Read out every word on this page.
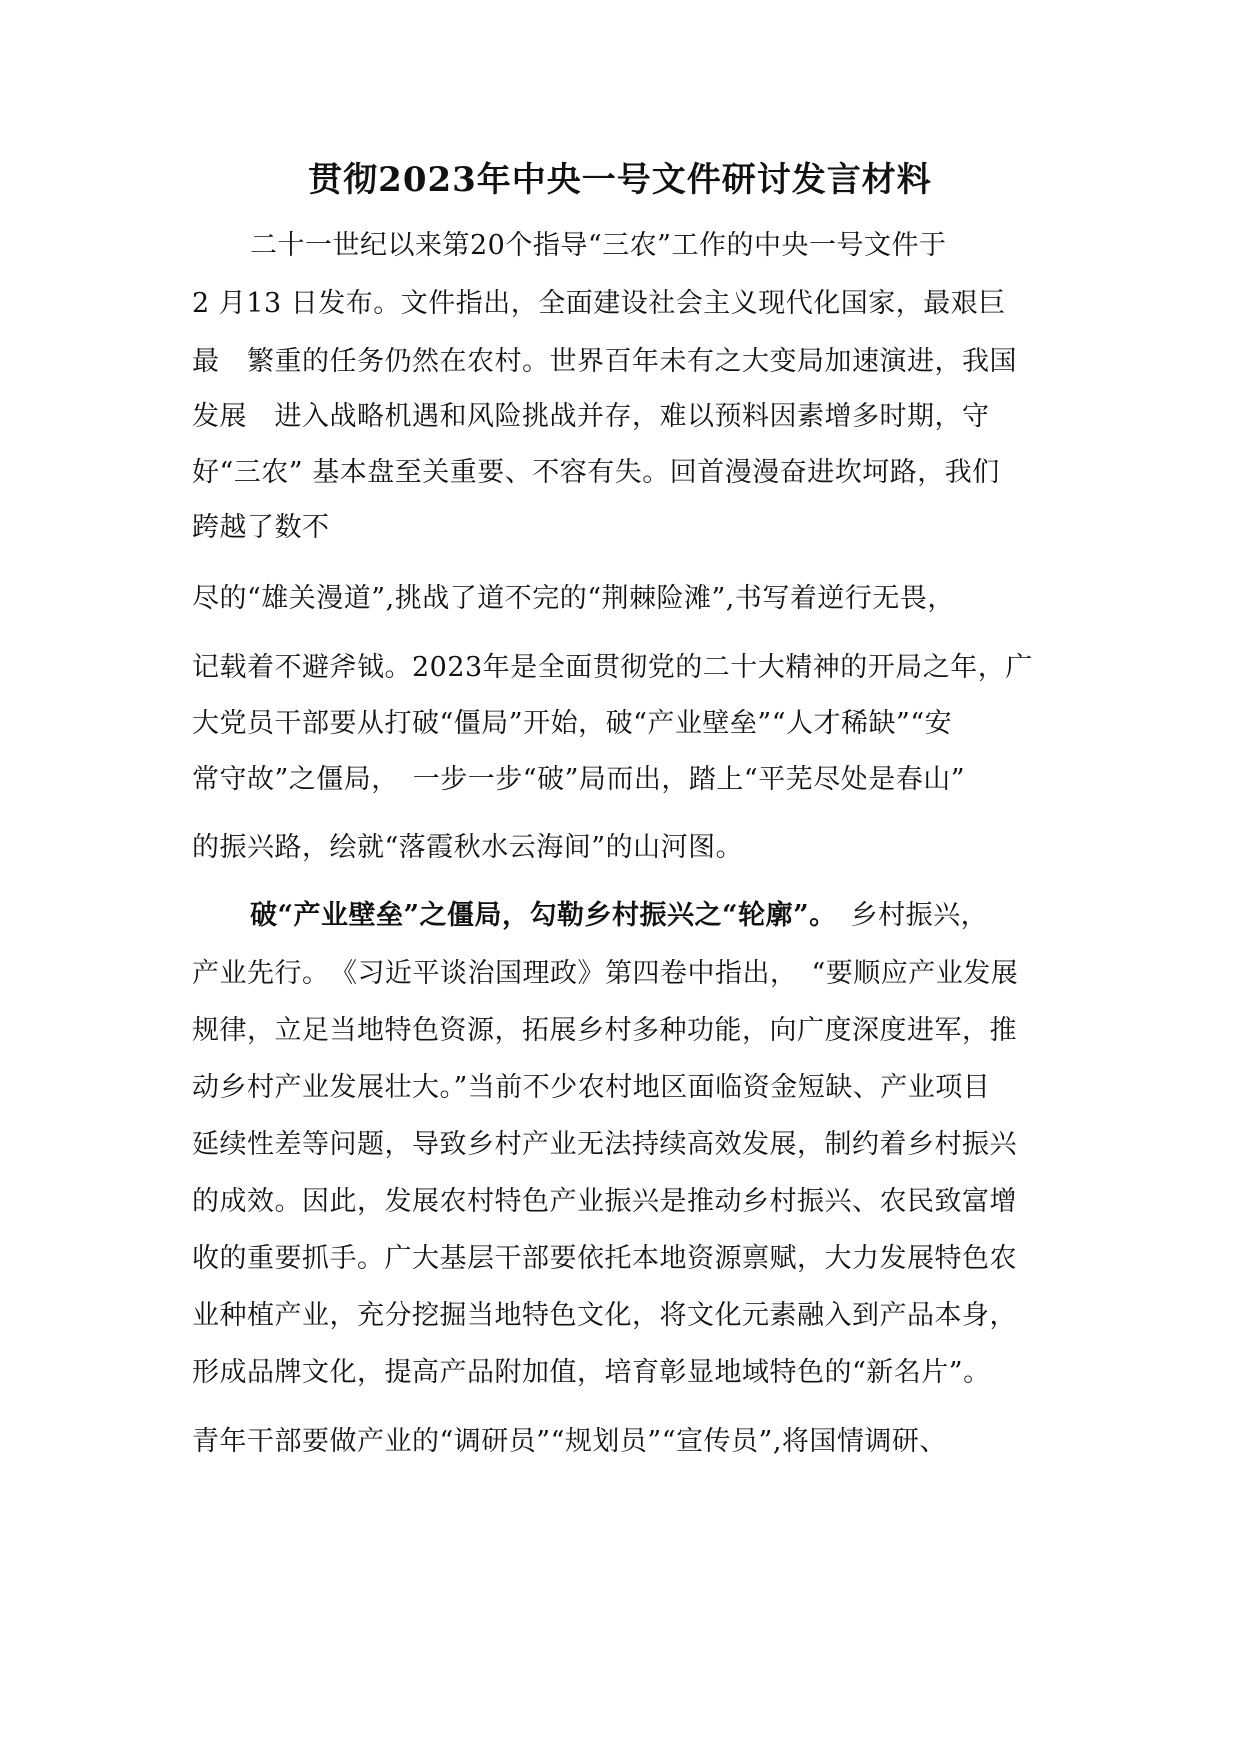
贯彻2023年中央一号文件研讨发言材料

二十一世纪以来第20个指导“三农”工作的中央一号文件于

2 月13 日发布。文件指出，全面建设社会主义现代化国家，最艰巨

最　繁重的任务仍然在农村。世界百年未有之大变局加速演进，我国

发展　进入战略机遇和风险挑战并存，难以预料因素增多时期，守

好“三农” 基本盘至关重要、不容有失。回首漫漫奋进坎坷路，我们

跨越了数不

尽的“雄关漫道”,挑战了道不完的“荆棘险滩”,书写着逆行无畏，

记载着不避斧钺。2023年是全面贯彻党的二十大精神的开局之年，广

大党员干部要从打破“僵局”开始，破“产业壁垒”“人才稀缺”“安

常守故”之僵局，　一步一步“破”局而出，踏上“平芜尽处是春山”

的振兴路，绘就“落霞秋水云海间”的山河图。

破“产业壁垒”之僵局，勾勒乡村振兴之“轮廓”。　 乡村振兴，

产业先行。　《习近平谈治国理政》第四卷中指出，　“要顺应产业发展

规律，立足当地特色资源，拓展乡村多种功能，向广度深度进军，推

动乡村产业发展壮大。”当前不少农村地区面临资金短缺、产业项目

延续性差等问题，导致乡村产业无法持续高效发展，制约着乡村振兴

的成效。因此，发展农村特色产业振兴是推动乡村振兴、农民致富增

收的重要抓手。广大基层干部要依托本地资源禀赋，大力发展特色农

业种植产业，充分挖掘当地特色文化，将文化元素融入到产品本身，

形成品牌文化，提高产品附加值，培育彰显地域特色的“新名片”。

青年干部要做产业的“调研员”“规划员”“宣传员”,将国情调研、
